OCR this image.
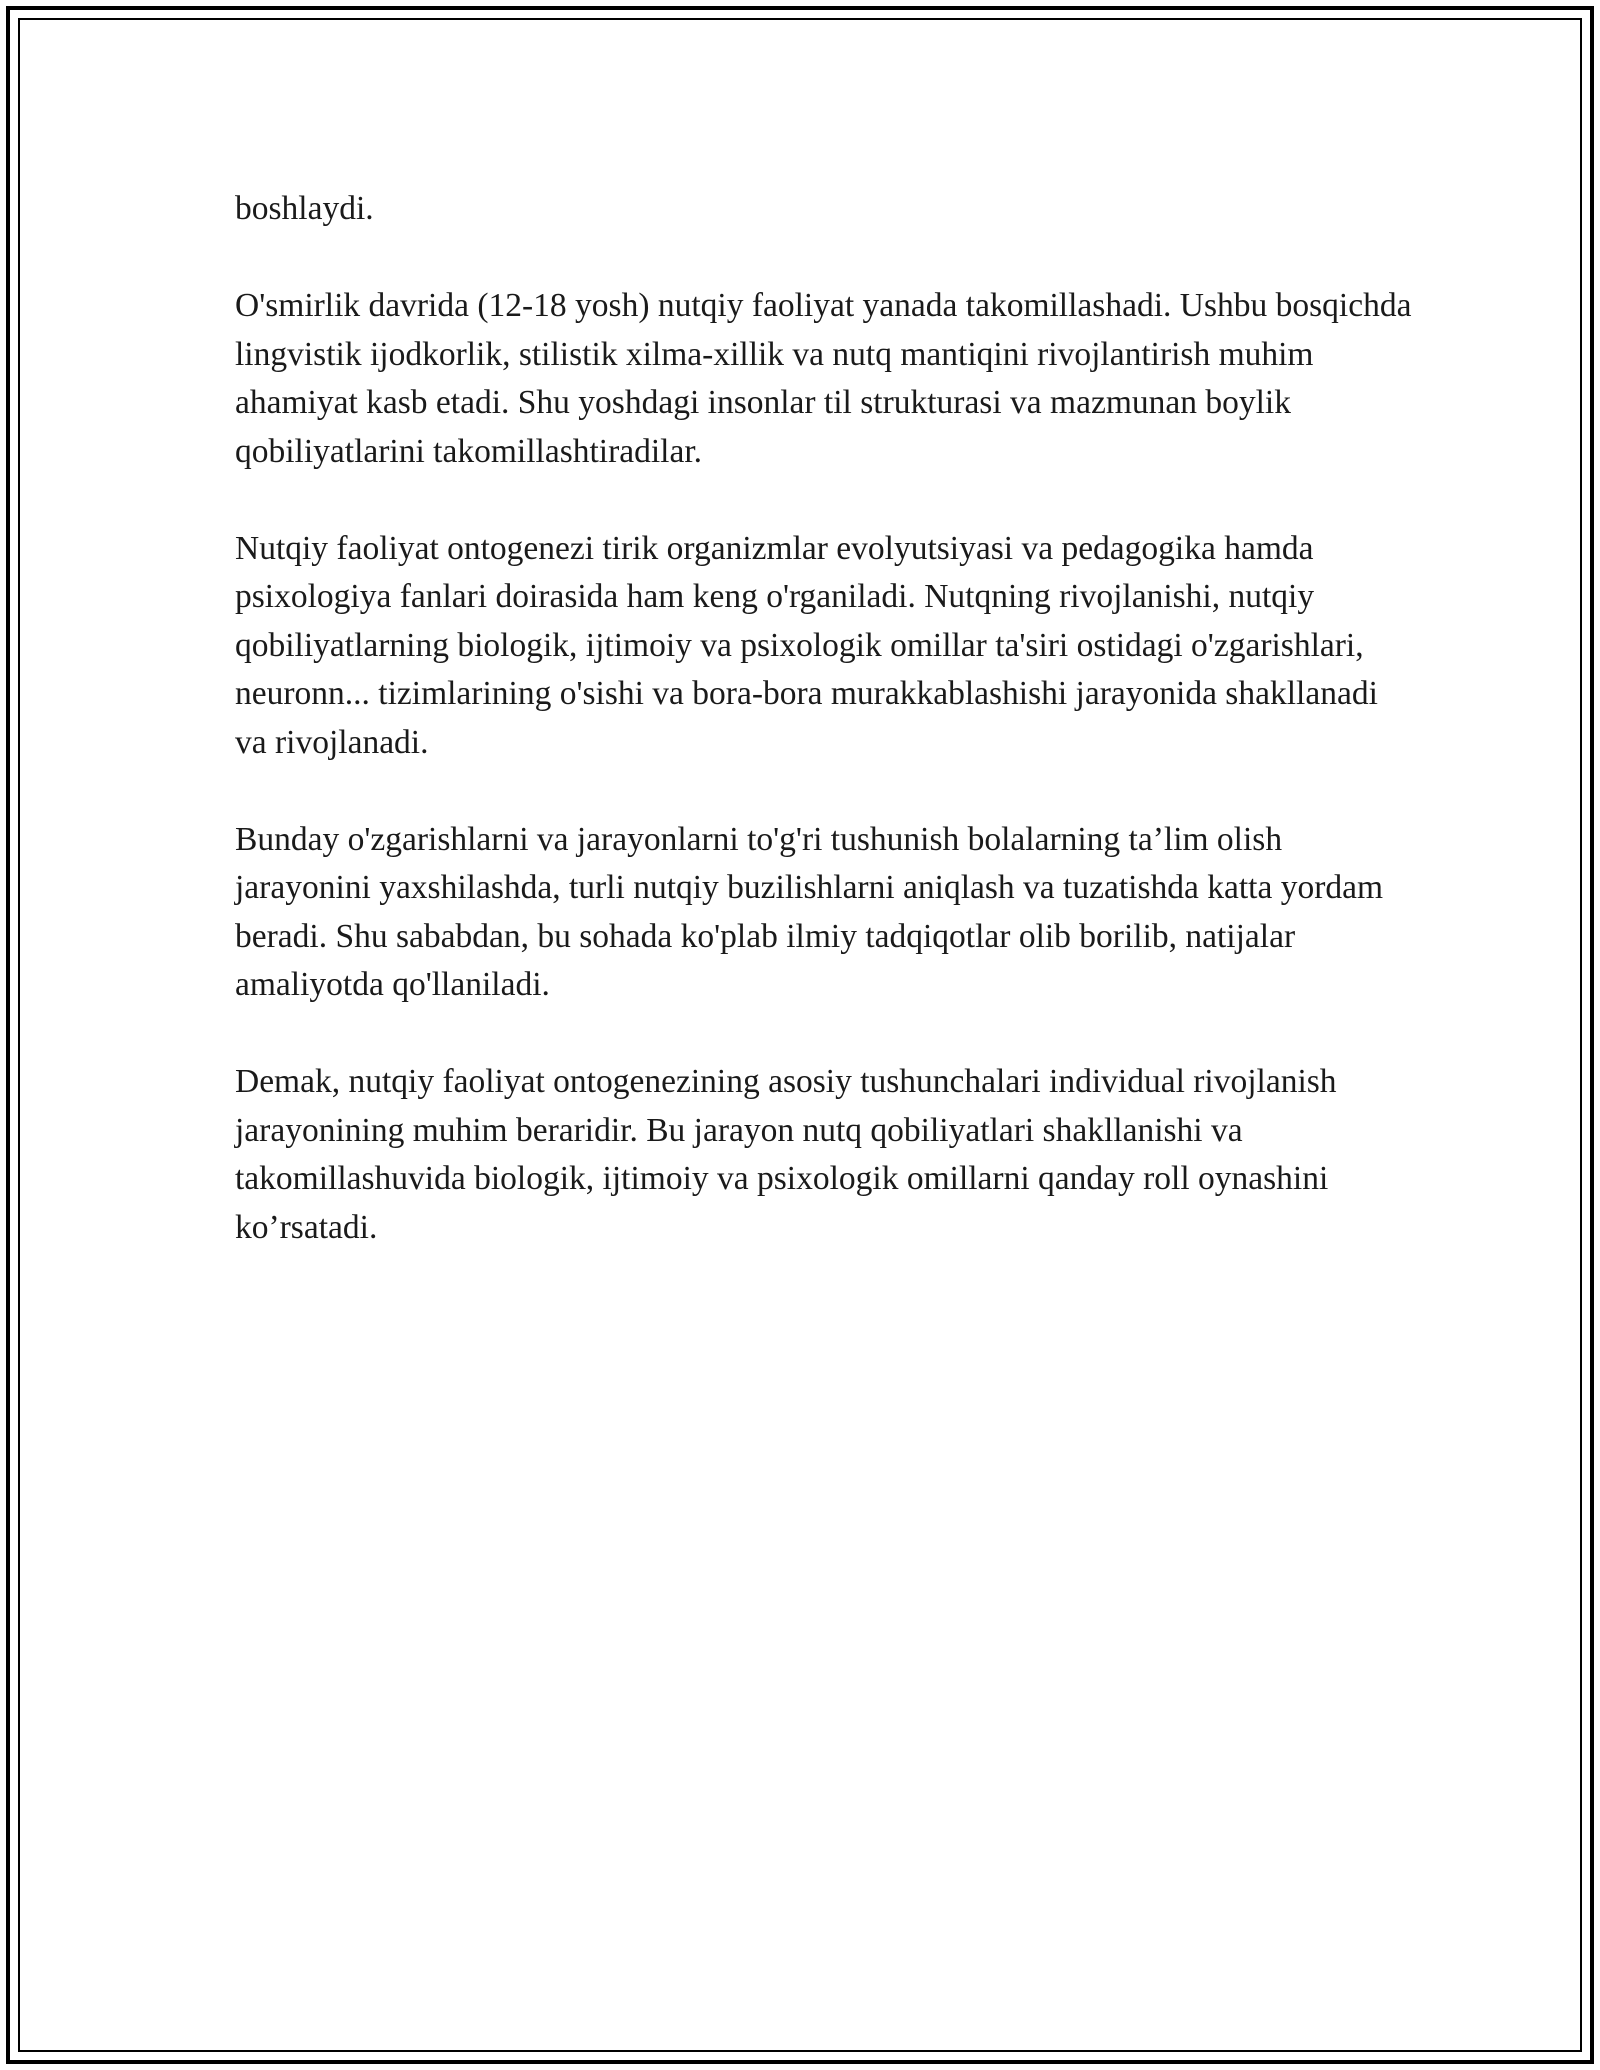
boshlaydi.

O'smirlik davrida (12-18 yosh) nutqiy faoliyat yanada takomillashadi. Ushbu bosqichda lingvistik ijodkorlik, stilistik xilma-xillik va nutq mantiqini rivojlantirish muhim ahamiyat kasb etadi. Shu yoshdagi insonlar til strukturasi va mazmunan boylik qobiliyatlarini takomillashtiradilar.

Nutqiy faoliyat ontogenezi tirik organizmlar evolyutsiyasi va pedagogika hamda psixologiya fanlari doirasida ham keng o'rganiladi. Nutqning rivojlanishi, nutqiy qobiliyatlarning biologik, ijtimoiy va psixologik omillar ta'siri ostidagi o'zgarishlari, neuronn... tizimlarining o'sishi va bora-bora murakkablashishi jarayonida shakllanadi va rivojlanadi.

Bunday o'zgarishlarni va jarayonlarni to'g'ri tushunish bolalarning ta’lim olish jarayonini yaxshilashda, turli nutqiy buzilishlarni aniqlash va tuzatishda katta yordam beradi. Shu sababdan, bu sohada ko'plab ilmiy tadqiqotlar olib borilib, natijalar amaliyotda qo'llaniladi.

Demak, nutqiy faoliyat ontogenezining asosiy tushunchalari individual rivojlanish jarayonining muhim beraridir. Bu jarayon nutq qobiliyatlari shakllanishi va takomillashuvida biologik, ijtimoiy va psixologik omillarni qanday roll oynashini ko’rsatadi.
